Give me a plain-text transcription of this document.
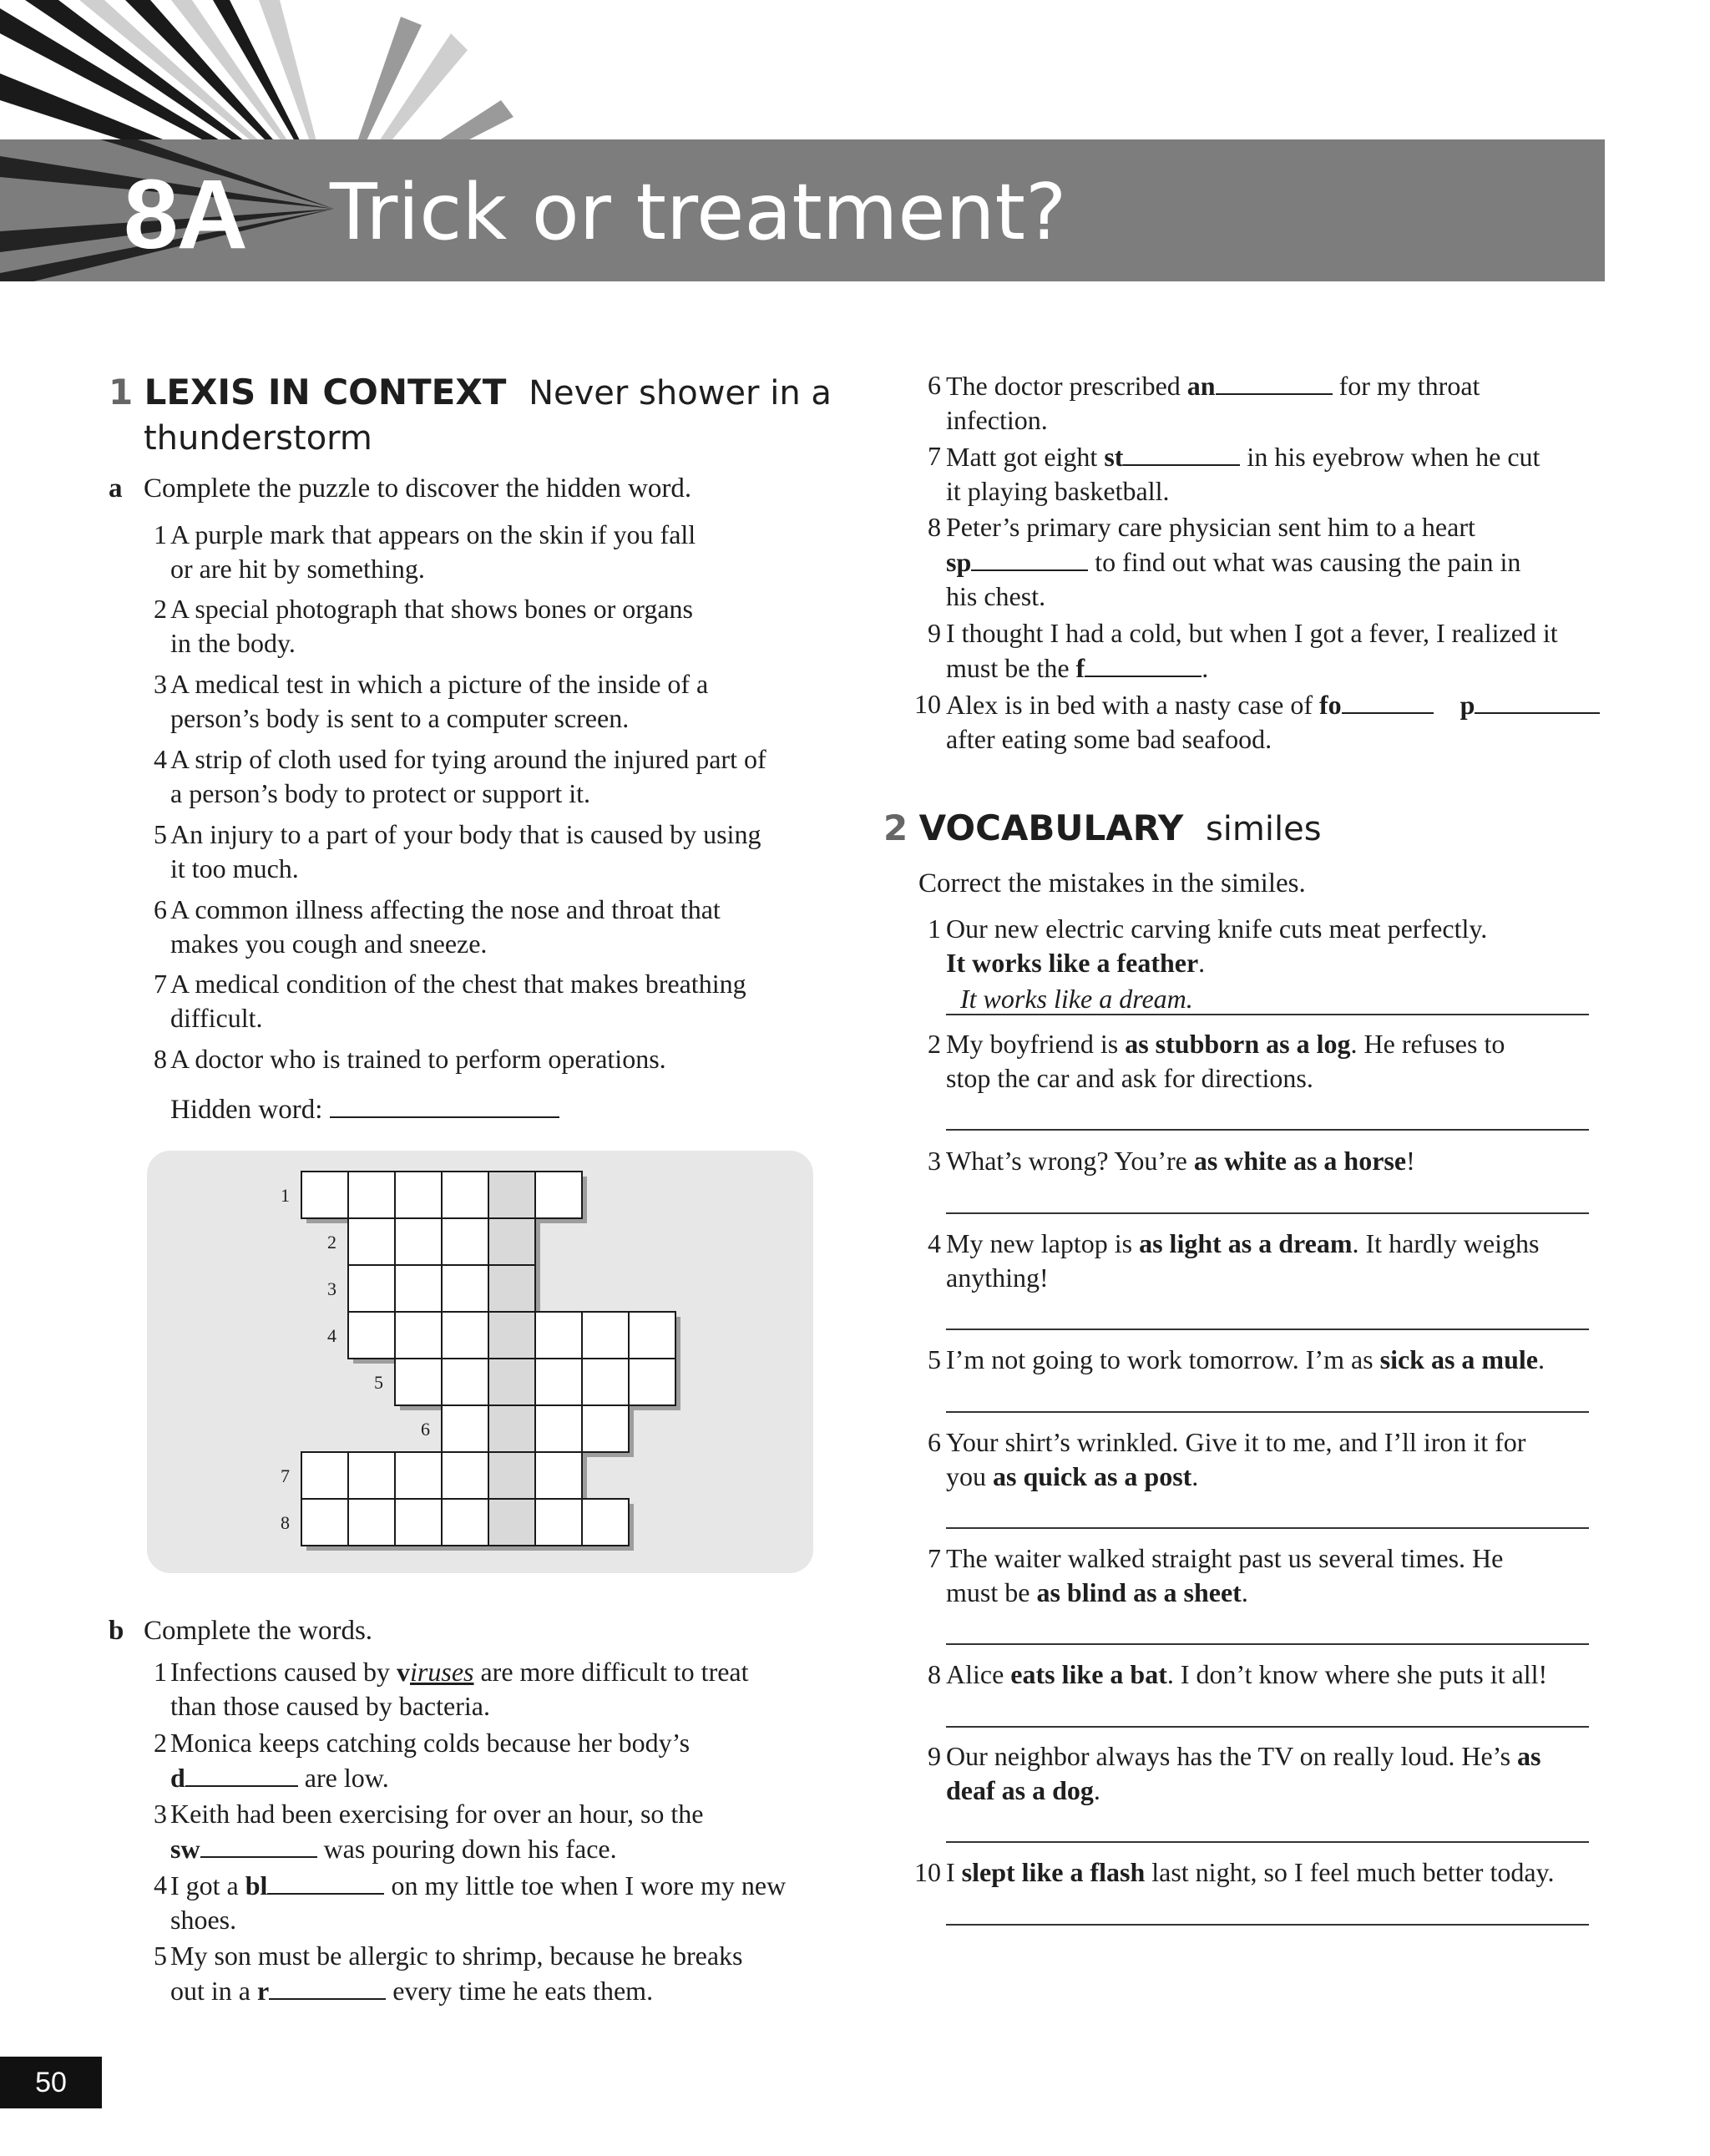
8A Trick or treatment?
1 LEXIS IN CONTEXT Never shower in a
thunderstorm
a Complete the puzzle to discover the hidden word.
1 A purple mark that appears on the skin if you fall
or are hit by something.
2 A special photograph that shows bones or organs
in the body.
3 A medical test in which a picture of the inside of a
person’s body is sent to a computer screen.
4 A strip of cloth used for tying around the injured part of
a person’s body to protect or support it.
5 An injury to a part of your body that is caused by using
it too much.
6 A common illness affecting the nose and throat that
makes you cough and sneeze.
7 A medical condition of the chest that makes breathing
difficult.
8 A doctor who is trained to perform operations.
Hidden word:
1
2
3
4
5
6
7
8
b Complete the words.
1 Infections caused by viruses are more difficult to treat
than those caused by bacteria.
2 Monica keeps catching colds because her body’s
d	are low.
3 Keith had been exercising for over an hour, so the
sw	was pouring down his face.
4 I got a bl	on my little toe when I wore my new
shoes.
5 My son must be allergic to shrimp, because he breaks
out in a r	every time he eats them.
6 The doctor prescribed an	for my throat
infection.
7 Matt got eight st	in his eyebrow when he cut
it playing basketball.
8 Peter’s primary care physician sent him to a heart
sp	to find out what was causing the pain in
his chest.
9 I thought I had a cold, but when I got a fever, I realized it
must be the f	.
10 Alex is in bed with a nasty case of fo	p
after eating some bad seafood.
2 VOCABULARY similes
Correct the mistakes in the similes.
1 Our new electric carving knife cuts meat perfectly.
It works like a feather.
It works like a dream.
2 My boyfriend is as stubborn as a log. He refuses to
stop the car and ask for directions.
3 What’s wrong? You’re as white as a horse!
4 My new laptop is as light as a dream. It hardly weighs
anything!
5 I’m not going to work tomorrow. I’m as sick as a mule.
6 Your shirt’s wrinkled. Give it to me, and I’ll iron it for
you as quick as a post.
7 The waiter walked straight past us several times. He
must be as blind as a sheet.
8 Alice eats like a bat. I don’t know where she puts it all!
9 Our neighbor always has the TV on really loud. He’s as
deaf as a dog.
10 I slept like a flash last night, so I feel much better today.
50
